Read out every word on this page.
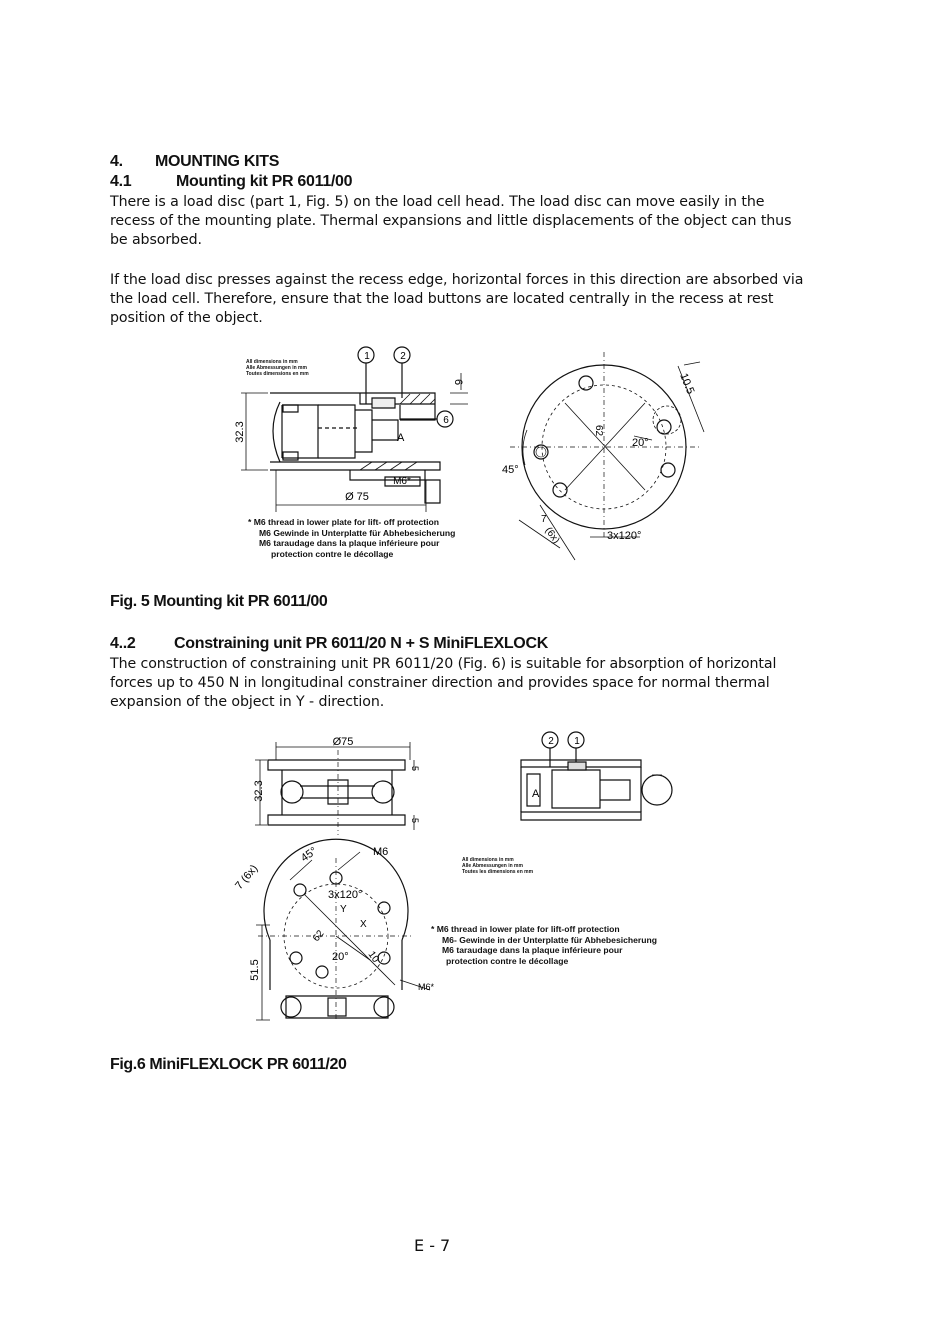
4. MOUNTING KITS
4.1	Mounting kit PR 6011/00
There is a load disc (part 1, Fig. 5) on the load cell head. The load disc can move easily in the
recess of the mounting plate. Thermal expansions and little displacements of the object can thus
be absorbed.
If the load disc presses against the recess edge, horizontal forces in this direction are absorbed via
the load cell. Therefore, ensure that the load buttons are located centrally in the recess at rest
position of the object.
All dimensions in mm
Alle Abmessungen in mm
Toutes dimensions en mm
1	2
6
32.3
6
Ø 75
A
M6*
62
10.5
20°
45°
(6x)
7
3x120°
* M6 thread in lower plate for lift- off protection
M6 Gewinde in Unterplatte für Abhebesicherung
M6 taraudage dans la plaque inférieure pour
protection contre le décollage
Fig. 5 Mounting kit PR 6011/00
4..2 Constraining unit PR 6011/20 N + S MiniFLEXLOCK
The construction of constraining unit PR 6011/20 (Fig. 6) is suitable for absorption of horizontal
forces up to 450 N in longitudinal constrainer direction and provides space for normal thermal
expansion of the object in Y - direction.
Ø75
32.3
5
5
2 1
A
45°	M6
7 (6x)
3x120°
Y
X
62
20° 10
51.5
M6*
All dimensions in mm
Alle Abmessungen in mm
Toutes les dimensions en mm
* M6 thread in lower plate for lift-off protection
M6- Gewinde in der Unterplatte für Abhebesicherung
M6 taraudage dans la plaque inférieure pour
protection contre le décollage
Fig.6 MiniFLEXLOCK PR 6011/20
E - 7
